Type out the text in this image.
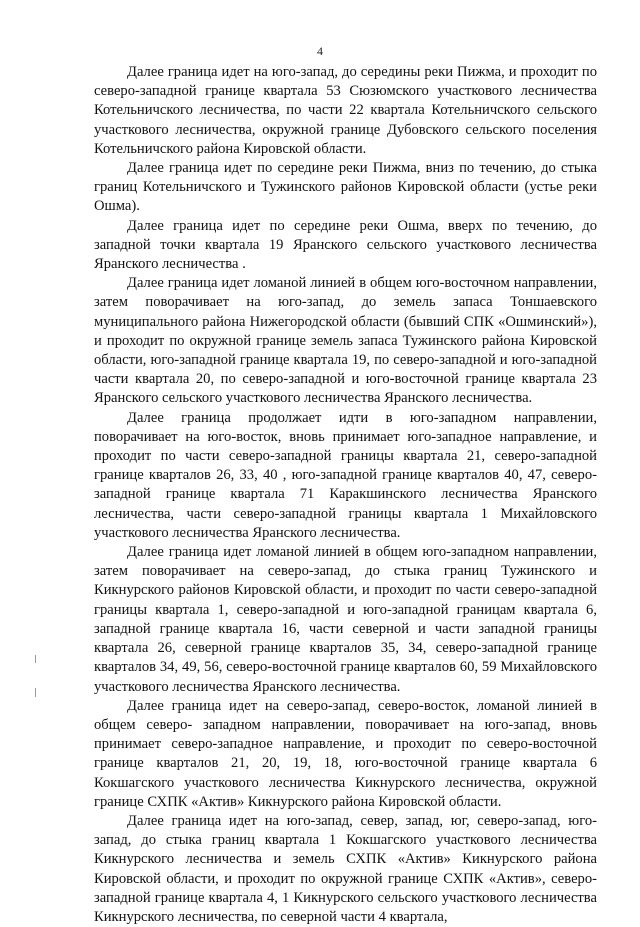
4

Далее граница идет на юго-запад, до середины реки Пижма, и проходит по северо-западной границе квартала 53 Сюзюмского участкового лесничества Котельничского лесничества, по части 22 квартала Котельничского сельского участкового лесничества, окружной границе Дубовского сельского поселения Котельничского района Кировской области.

Далее граница идет по середине реки Пижма, вниз по течению, до стыка границ Котельничского и Тужинского районов Кировской области (устье реки Ошма).

Далее граница идет по середине реки Ошма, вверх по течению, до западной точки квартала 19 Яранского сельского участкового лесничества Яранского лесничества .

Далее граница идет ломаной линией в общем юго-восточном направлении, затем поворачивает на юго-запад, до земель запаса Тоншаевского муниципального района Нижегородской области (бывший СПК «Ошминский»), и проходит по окружной границе земель запаса Тужинского района Кировской области, юго-западной границе квартала 19, по северо-западной и юго-западной части квартала 20, по северо-западной и юго-восточной границе квартала 23 Яранского сельского участкового лесничества Яранского лесничества.

Далее граница продолжает идти в юго-западном направлении, поворачивает на юго-восток, вновь принимает юго-западное направление, и проходит по части северо-западной границы квартала 21, северо-западной границе кварталов 26, 33, 40 , юго-западной границе кварталов 40, 47, северо-западной границе квартала 71 Каракшинского лесничества Яранского лесничества, части северо-западной границы квартала 1 Михайловского участкового лесничества Яранского лесничества.

Далее граница идет ломаной линией в общем юго-западном направлении, затем поворачивает на северо-запад, до стыка границ Тужинского и Кикнурского районов Кировской области, и проходит по части северо-западной границы квартала 1, северо-западной и юго-западной границам квартала 6, западной границе квартала 16, части северной и части западной границы квартала 26, северной границе кварталов 35, 34, северо-западной границе кварталов 34, 49, 56, северо-восточной границе кварталов 60, 59 Михайловского участкового лесничества Яранского лесничества.

Далее граница идет на северо-запад, северо-восток, ломаной линией в общем северо- западном направлении, поворачивает на юго-запад, вновь принимает северо-западное направление, и проходит по северо-восточной границе кварталов 21, 20, 19, 18, юго-восточной границе квартала 6 Кокшагского участкового лесничества Кикнурского лесничества, окружной границе СХПК «Актив» Кикнурского района Кировской области.

Далее граница идет на юго-запад, север, запад, юг, северо-запад, юго-запад, до стыка границ квартала 1 Кокшагского участкового лесничества Кикнурского лесничества и земель СХПК «Актив» Кикнурского района Кировской области, и проходит по окружной границе СХПК «Актив», северо-западной границе квартала 4, 1 Кикнурского сельского участкового лесничества Кикнурского лесничества, по северной части 4 квартала,
